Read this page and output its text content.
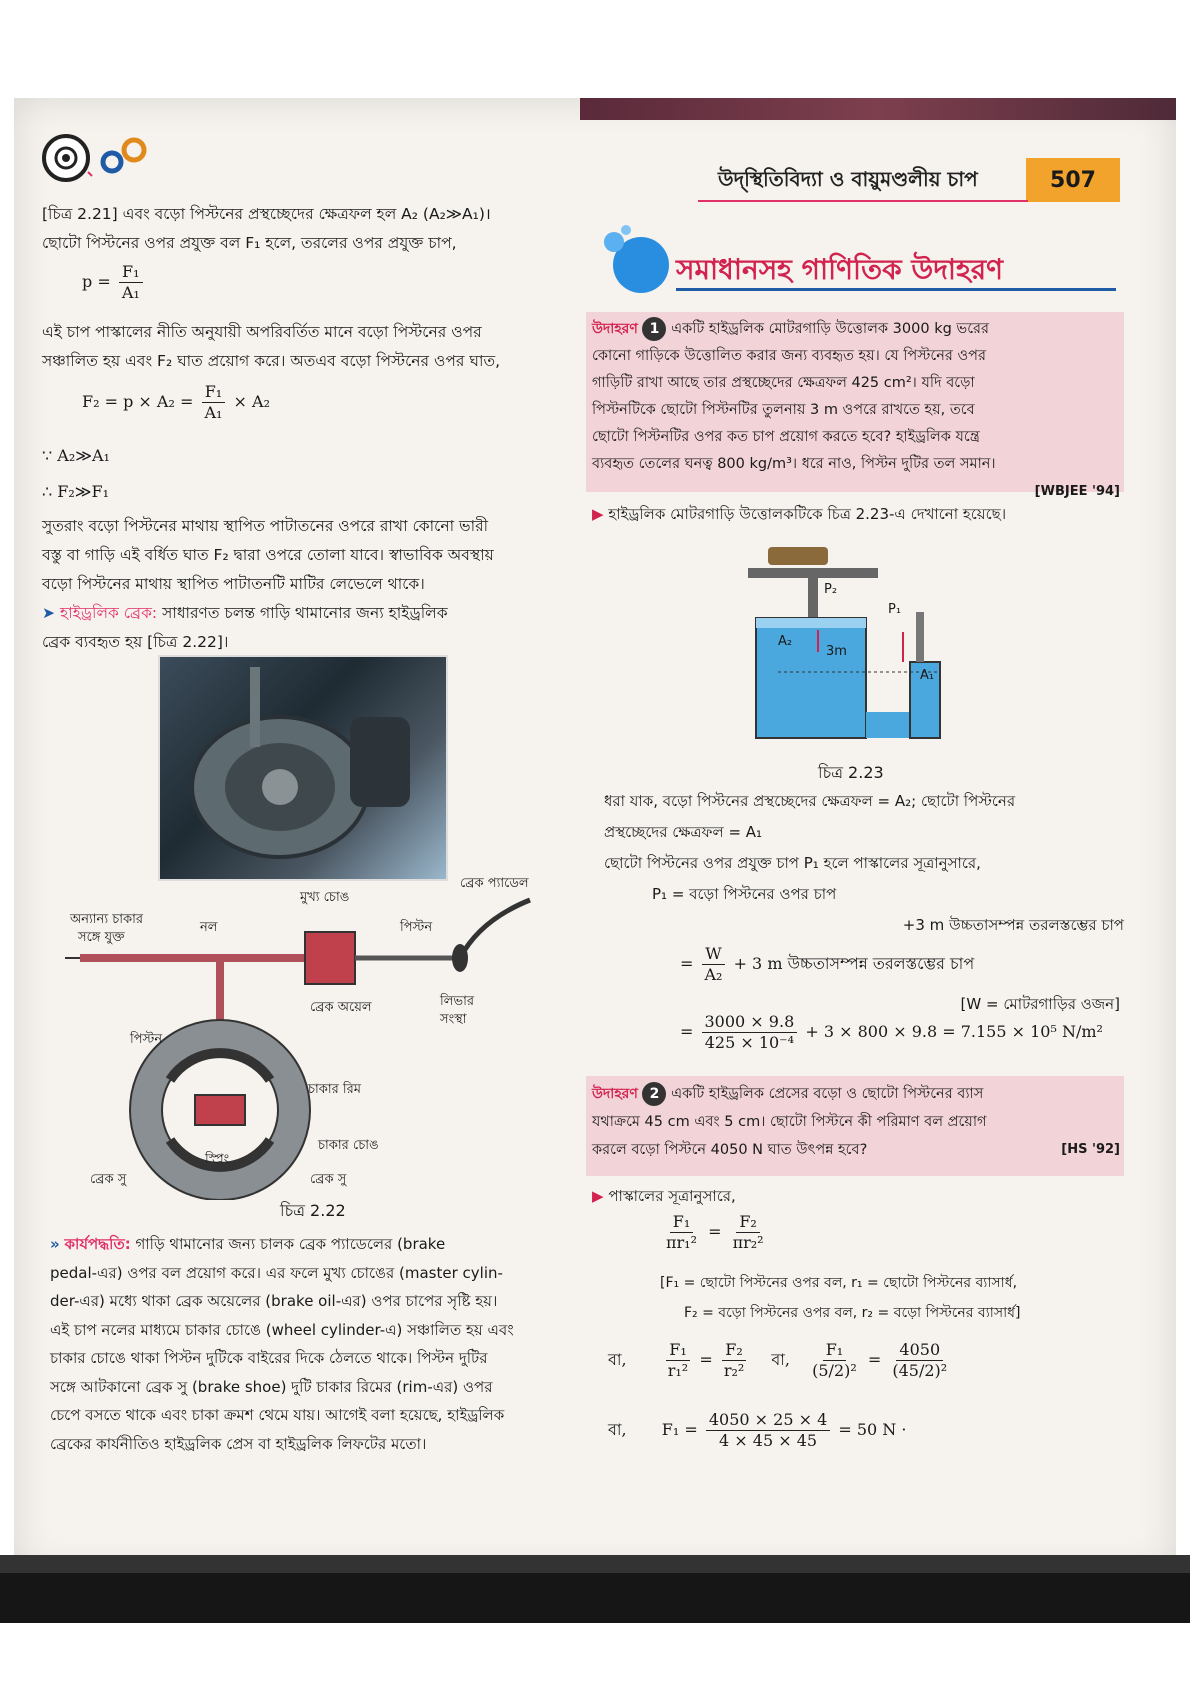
উদ্‌স্থিতিবিদ্যা ও বায়ুমণ্ডলীয় চাপ	507
[চিত্র 2.21] এবং বড়ো পিস্টনের প্রস্থচ্ছেদের ক্ষেত্রফল হল A₂ (A₂≫A₁)।
ছোটো পিস্টনের ওপর প্রযুক্ত বল F₁ হলে, তরলের ওপর প্রযুক্ত চাপ,
$p = \frac{\text{F₁}}{\text{A₁}}$
এই চাপ পাস্কালের নীতি অনুযায়ী অপরিবর্তিত মানে বড়ো পিস্টনের ওপর
সঞ্চালিত হয় এবং F₂ ঘাত প্রয়োগ করে। অতএব বড়ো পিস্টনের ওপর ঘাত,
$F_2 = p \times A_2 = \frac{\text{F₁}}{\text{A₁}} \times A_2$
∵ A₂≫A₁
∴ F₂≫F₁
সুতরাং বড়ো পিস্টনের মাথায় স্থাপিত পাটাতনের ওপরে রাখা কোনো ভারী
বস্তু বা গাড়ি এই বর্ধিত ঘাত F₂ দ্বারা ওপরে তোলা যাবে। স্বাভাবিক অবস্থায়
বড়ো পিস্টনের মাথায় স্থাপিত পাটাতনটি মাটির লেভেলে থাকে।
➤ হাইড্রলিক ব্রেক: সাধারণত চলন্ত গাড়ি থামানোর জন্য হাইড্রলিক
ব্রেক ব্যবহৃত হয় [চিত্র 2.22]।
ব্রেক প্যাডেল
মুখ্য চোঙ
অন্যান্য চাকার
সঙ্গে যুক্ত
নল	পিস্টন
ব্রেক অয়েল	লিভার
সংস্থা
পিস্টন
চাকার রিম
চাকার চোঙ
স্প্রিং
ব্রেক সু	ব্রেক সু
চিত্র 2.22
» কার্যপদ্ধতি: গাড়ি থামানোর জন্য চালক ব্রেক প্যাডেলের (brake
pedal-এর) ওপর বল প্রয়োগ করে। এর ফলে মুখ্য চোঙের (master cylin-
der-এর) মধ্যে থাকা ব্রেক অয়েলের (brake oil-এর) ওপর চাপের সৃষ্টি হয়।
এই চাপ নলের মাধ্যমে চাকার চোঙে (wheel cylinder-এ) সঞ্চালিত হয় এবং
চাকার চোঙে থাকা পিস্টন দুটিকে বাইরের দিকে ঠেলতে থাকে। পিস্টন দুটির
সঙ্গে আটকানো ব্রেক সু (brake shoe) দুটি চাকার রিমের (rim-এর) ওপর
চেপে বসতে থাকে এবং চাকা ক্রমশ থেমে যায়। আগেই বলা হয়েছে, হাইড্রলিক
ব্রেকের কার্যনীতিও হাইড্রলিক প্রেস বা হাইড্রলিক লিফটের মতো।
সমাধানসহ গাণিতিক উদাহরণ
উদাহরণ 1 একটি হাইড্রলিক মোটরগাড়ি উত্তোলক 3000 kg ভরের
কোনো গাড়িকে উত্তোলিত করার জন্য ব্যবহৃত হয়। যে পিস্টনের ওপর
গাড়িটি রাখা আছে তার প্রস্থচ্ছেদের ক্ষেত্রফল 425 cm²। যদি বড়ো
পিস্টনটিকে ছোটো পিস্টনটির তুলনায় 3 m ওপরে রাখতে হয়, তবে
ছোটো পিস্টনটির ওপর কত চাপ প্রয়োগ করতে হবে? হাইড্রলিক যন্ত্রে
ব্যবহৃত তেলের ঘনত্ব 800 kg/m³। ধরে নাও, পিস্টন দুটির তল সমান।
[WBJEE '94]
▶ হাইড্রলিক মোটরগাড়ি উত্তোলকটিকে চিত্র 2.23-এ দেখানো হয়েছে।
P₂
P₁
A₂
A₁
3m
চিত্র 2.23
ধরা যাক, বড়ো পিস্টনের প্রস্থচ্ছেদের ক্ষেত্রফল = A₂; ছোটো পিস্টনের
প্রস্থচ্ছেদের ক্ষেত্রফল = A₁
ছোটো পিস্টনের ওপর প্রযুক্ত চাপ P₁ হলে পাস্কালের সূত্রানুসারে,
P₁ = বড়ো পিস্টনের ওপর চাপ
+3 m উচ্চতাসম্পন্ন তরলস্তম্ভের চাপ
= $\frac{W}{\text{A₂}} + 3$ m উচ্চতাসম্পন্ন তরলস্তম্ভের চাপ
[W = মোটরগাড়ির ওজন]
= $\frac{3000 \times 9.8}{\text{425 × 10⁻⁴}} + 3 \times 800 \times 9.8 = 7.155 \times 10^5$ N/m²
উদাহরণ 2 একটি হাইড্রলিক প্রেসের বড়ো ও ছোটো পিস্টনের ব্যাস
যথাক্রমে 45 cm এবং 5 cm। ছোটো পিস্টনে কী পরিমাণ বল প্রয়োগ
করলে বড়ো পিস্টনে 4050 N ঘাত উৎপন্ন হবে?	[HS '92]
▶ পাস্কালের সূত্রানুসারে,
$\frac{\text{F₁}}{\text{πr₁²}} = \frac{\text{F₂}}{\text{πr₂²}}$
[F₁ = ছোটো পিস্টনের ওপর বল, r₁ = ছোটো পিস্টনের ব্যাসার্ধ,
F₂ = বড়ো পিস্টনের ওপর বল, r₂ = বড়ো পিস্টনের ব্যাসার্ধ]
বা, $\frac{\text{F₁}}{\text{r₁²}} = \frac{\text{F₂}}{\text{r₂²}}$ বা, $\frac{\text{F₁}}{\text{(5/2)²}} = \frac{4050}{\text{(45/2)²}}$
বা, $F_1 = \frac{4050 \times 25 \times 4}{4 \times 45 \times 45} = 50$ N ·
